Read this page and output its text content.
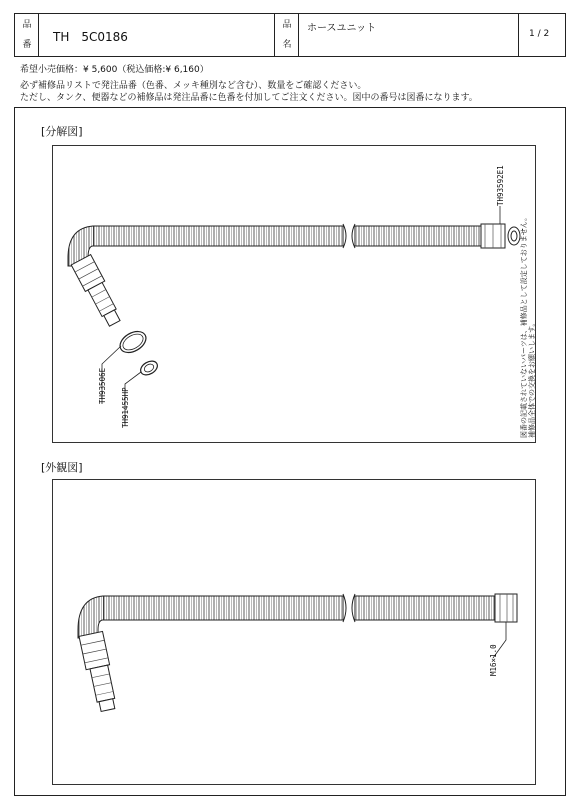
品
番
TH　5C0186
品
名
ホースユニット	1 / 2
希望小売価格：¥ 5,600（税込価格:¥ 6,160）
必ず補修品リストで発注品番（色番、メッキ種別など含む）、数量をご確認ください。
ただし、タンク、便器などの補修品は発注品番に色番を付加してご注文ください。図中の番号は図番になります。
[分解図]
TH93506E
TH91455HP
TH93592E1
図番の記載されていないパーツは、補修品として設定しておりません。 補修品全体での交換をお願いします。
[外観図]
M16×1.0
